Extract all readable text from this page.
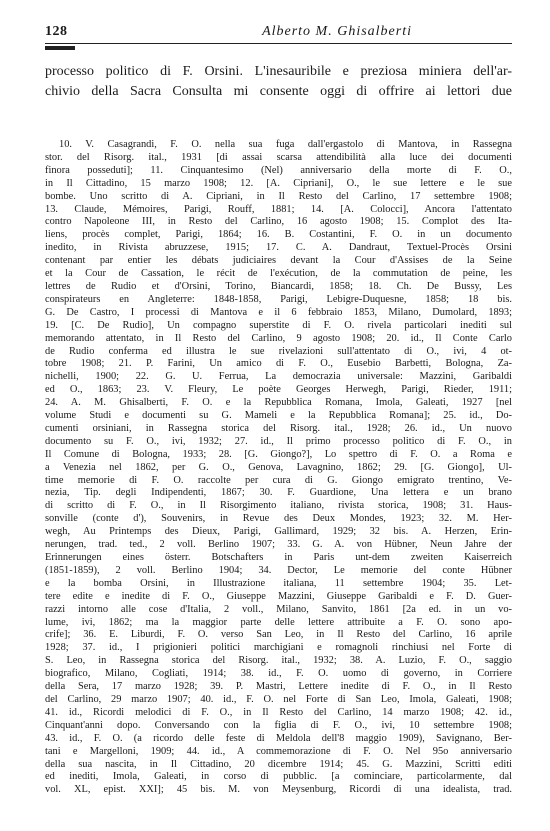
128	Alberto M. Ghisalberti
processo politico di F. Orsini. L'inesauribile e preziosa miniera dell'ar-
chivio della Sacra Consulta mi consente oggi di offrire ai lettori due
10. V. Casagrandi, F. O. nella sua fuga dall'ergastolo di Mantova, in Rassegna
stor. del Risorg. ital., 1931 [di assai scarsa attendibilità alla luce dei documenti
finora posseduti]; 11. Cinquantesimo (Nel) anniversario della morte di F. O.,
in Il Cittadino, 15 marzo 1908; 12. [A. Cipriani], O., le sue lettere e le sue
bombe. Uno scritto di A. Cipriani, in Il Resto del Carlino, 17 settembre 1908;
13. Claude, Mémoires, Parigi, Rouff, 1881; 14. [A. Colocci], Ancora l'attentato
contro Napoleone III, in Resto del Carlino, 16 agosto 1908; 15. Complot des Ita-
liens, procès complet, Parigi, 1864; 16. B. Costantini, F. O. in un documento
inedito, in Rivista abruzzese, 1915; 17. C. A. Dandraut, Textuel-Procès Orsini
contenant par entier les débats judiciaires devant la Cour d'Assises de la Seine
et la Cour de Cassation, le récit de l'exécution, de la commutation de peine, les
lettres de Rudio et d'Orsini, Torino, Biancardi, 1858; 18. Ch. De Bussy, Les
conspirateurs en Angleterre: 1848-1858, Parigi, Lebigre-Duquesne, 1858; 18 bis.
G. De Castro, I processi di Mantova e il 6 febbraio 1853, Milano, Dumolard, 1893;
19. [C. De Rudio], Un compagno superstite di F. O. rivela particolari inediti sul
memorando attentato, in Il Resto del Carlino, 9 agosto 1908; 20. id., Il Conte Carlo
de Rudio conferma ed illustra le sue rivelazioni sull'attentato di O., ivi, 4 ot-
tobre 1908; 21. P. Farini, Un amico di F. O., Eusebio Barbetti, Bologna, Za-
nichelli, 1900; 22. G. U. Ferrua, La democrazia universale: Mazzini, Garibaldi
ed O., 1863; 23. V. Fleury, Le poète Georges Herwegh, Parigi, Rieder, 1911;
24. A. M. Ghisalberti, F. O. e la Repubblica Romana, Imola, Galeati, 1927 [nel
volume Studi e documenti su G. Mameli e la Repubblica Romana]; 25. id., Do-
cumenti orsiniani, in Rassegna storica del Risorg. ital., 1928; 26. id., Un nuovo
documento su F. O., ivi, 1932; 27. id., Il primo processo politico di F. O., in
Il Comune di Bologna, 1933; 28. [G. Giongo?], Lo spettro di F. O. a Roma e
a Venezia nel 1862, per G. O., Genova, Lavagnino, 1862; 29. [G. Giongo], Ul-
time memorie di F. O. raccolte per cura di G. Giongo emigrato trentino, Ve-
nezia, Tip. degli Indipendenti, 1867; 30. F. Guardione, Una lettera e un brano
di scritto di F. O., in Il Risorgimento italiano, rivista storica, 1908; 31. Haus-
sonville (conte d'), Souvenirs, in Revue des Deux Mondes, 1923; 32. M. Her-
wegh, Au Printemps des Dieux, Parigi, Gallimard, 1929; 32 bis. A. Herzen, Erin-
nerungen, trad. ted., 2 voll. Berlino 1907; 33. G. A. von Hübner, Neun Jahre der
Erinnerungen eines österr. Botschafters in Paris unt-dem zweiten Kaiserreich
(1851-1859), 2 voll. Berlino 1904; 34. Dector, Le memorie del conte Hübner
e la bomba Orsini, in Illustrazione italiana, 11 settembre 1904; 35. Let-
tere edite e inedite di F. O., Giuseppe Mazzini, Giuseppe Garibaldi e F. D. Guer-
razzi intorno alle cose d'Italia, 2 voll., Milano, Sanvito, 1861 [2a ed. in un vo-
lume, ivi, 1862; ma la maggior parte delle lettere attribuite a F. O. sono apo-
crife]; 36. E. Liburdi, F. O. verso San Leo, in Il Resto del Carlino, 16 aprile
1928; 37. id., I prigionieri politici marchigiani e romagnoli rinchiusi nel Forte di
S. Leo, in Rassegna storica del Risorg. ital., 1932; 38. A. Luzio, F. O., saggio
biografico, Milano, Cogliati, 1914; 38. id., F. O. uomo di governo, in Corriere
della Sera, 17 marzo 1928; 39. P. Mastri, Lettere inedite di F. O., in Il Resto
del Carlino, 29 marzo 1907; 40. id., F. O. nel Forte di San Leo, Imola, Galeati, 1908;
41. id., Ricordi melodici di F. O., in Il Resto del Carlino, 14 marzo 1908; 42. id.,
Cinquant'anni dopo. Conversando con la figlia di F. O., ivi, 10 settembre 1908;
43. id., F. O. (a ricordo delle feste di Meldola dell'8 maggio 1909), Savignano, Ber-
tani e Margelloni, 1909; 44. id., A commemorazione di F. O. Nel 95o anniversario
della sua nascita, in Il Cittadino, 20 dicembre 1914; 45. G. Mazzini, Scritti editi
ed inediti, Imola, Galeati, in corso di pubblic. [a cominciare, particolarmente, dal
vol. XL, epist. XXI]; 45 bis. M. von Meysenburg, Ricordi di una idealista, trad.
